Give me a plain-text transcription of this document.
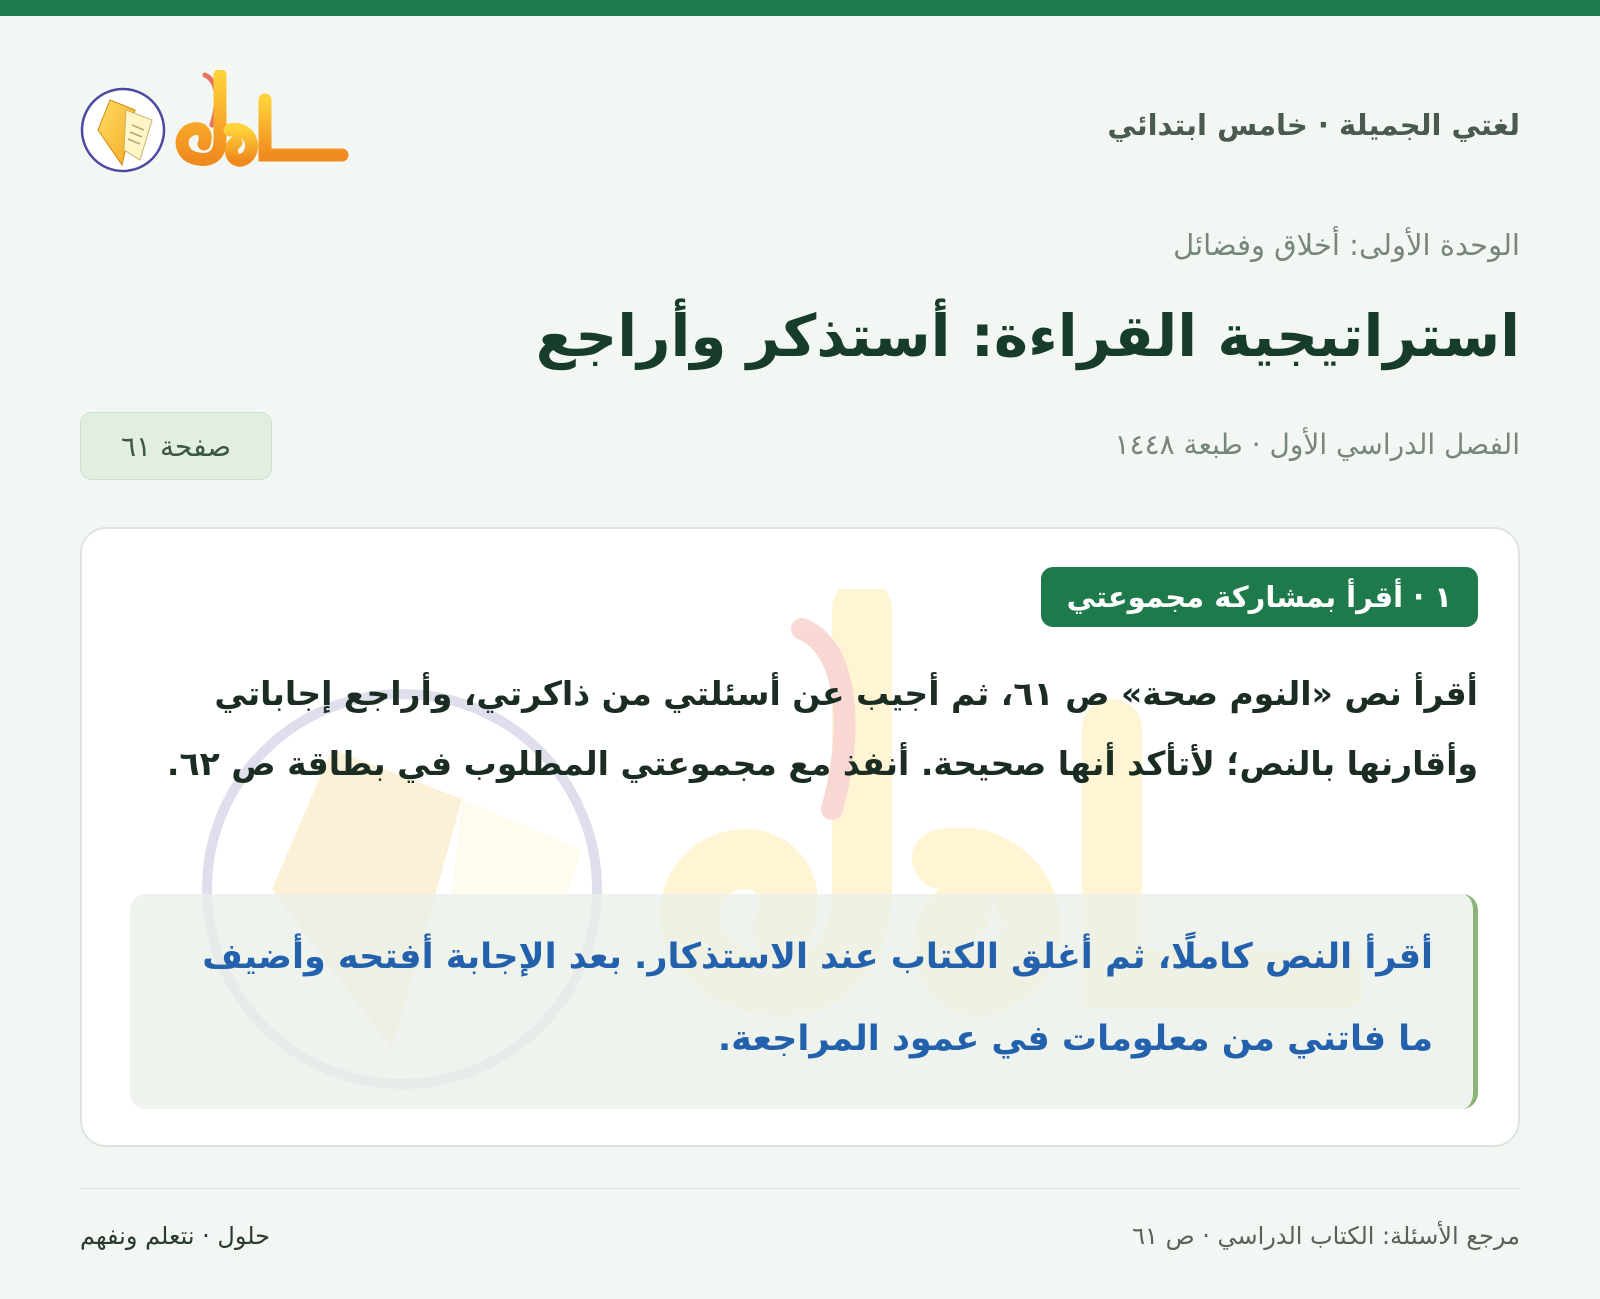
لغتي الجميلة · خامس ابتدائي
الوحدة الأولى: أخلاق وفضائل
استراتيجية القراءة: أستذكر وأراجع
الفصل الدراسي الأول · طبعة ١٤٤٨
صفحة ٦١
١ · أقرأ بمشاركة مجموعتي

أقرأ نص «النوم صحة» ص ٦١، ثم أجيب عن أسئلتي من ذاكرتي، وأراجع إجاباتي وأقارنها بالنص؛ لأتأكد أنها صحيحة. أنفذ مع مجموعتي المطلوب في بطاقة ص ٦٢.

أقرأ النص كاملًا، ثم أغلق الكتاب عند الاستذكار. بعد الإجابة أفتحه وأضيف ما فاتني من معلومات في عمود المراجعة.

مرجع الأسئلة: الكتاب الدراسي · ص ٦١
حلول · نتعلم ونفهم
